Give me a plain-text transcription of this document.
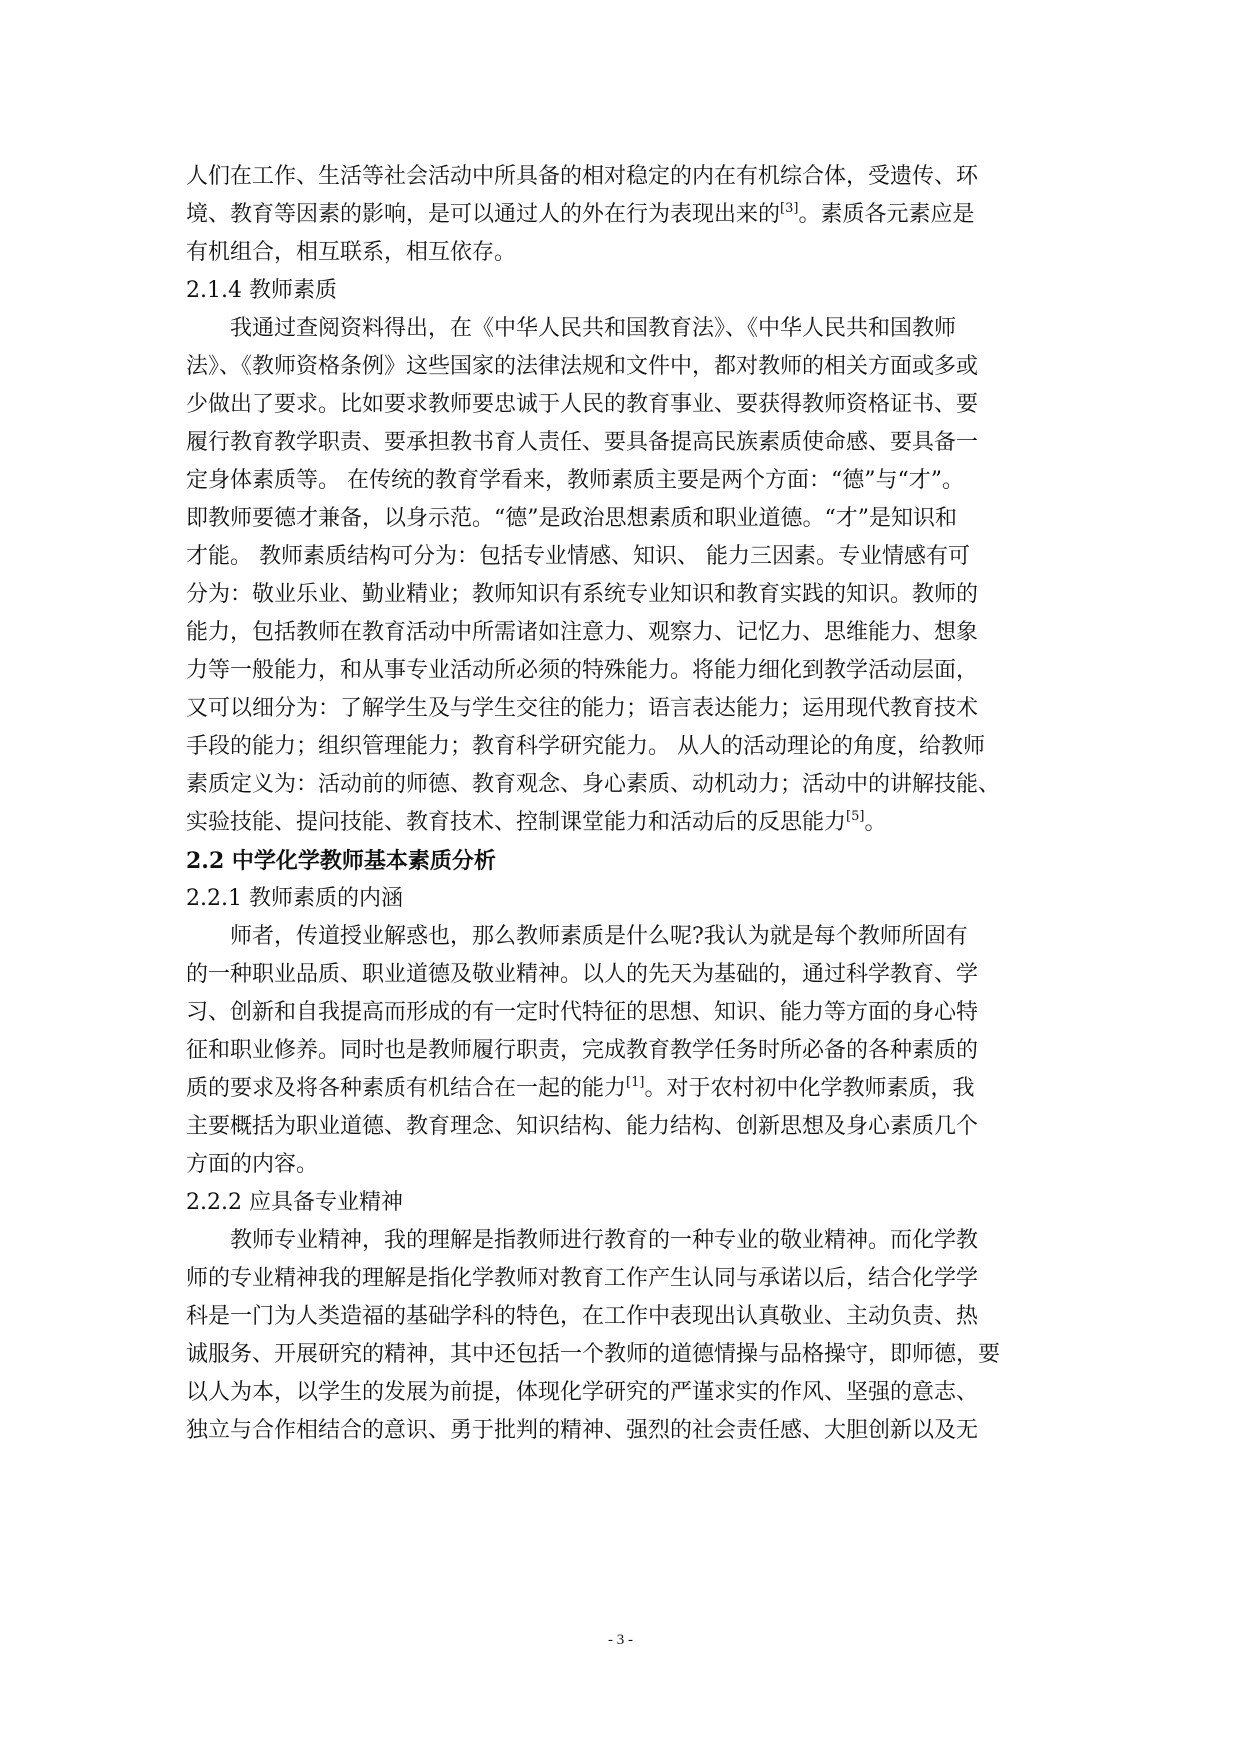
人们在工作、生活等社会活动中所具备的相对稳定的内在有机综合体，受遗传、环
境、教育等因素的影响，是可以通过人的外在行为表现出来的[3]。素质各元素应是
有机组合，相互联系，相互依存。
2.1.4 教师素质
我通过查阅资料得出，在《中华人民共和国教育法》、《中华人民共和国教师
法》、《教师资格条例》这些国家的法律法规和文件中，都对教师的相关方面或多或
少做出了要求。比如要求教师要忠诚于人民的教育事业、要获得教师资格证书、要
履行教育教学职责、要承担教书育人责任、要具备提高民族素质使命感、要具备一
定身体素质等。 在传统的教育学看来，教师素质主要是两个方面：“德”与“才”。
即教师要德才兼备，以身示范。“德”是政治思想素质和职业道德。“才”是知识和
才能。 教师素质结构可分为：包括专业情感、知识、 能力三因素。专业情感有可
分为：敬业乐业、勤业精业；教师知识有系统专业知识和教育实践的知识。教师的
能力，包括教师在教育活动中所需诸如注意力、观察力、记忆力、思维能力、想象
力等一般能力，和从事专业活动所必须的特殊能力。将能力细化到教学活动层面，
又可以细分为：了解学生及与学生交往的能力；语言表达能力；运用现代教育技术
手段的能力；组织管理能力；教育科学研究能力。 从人的活动理论的角度，给教师
素质定义为：活动前的师德、教育观念、身心素质、动机动力；活动中的讲解技能、
实验技能、提问技能、教育技术、控制课堂能力和活动后的反思能力[5]。
2.2 中学化学教师基本素质分析
2.2.1 教师素质的内涵
师者，传道授业解惑也，那么教师素质是什么呢?我认为就是每个教师所固有
的一种职业品质、职业道德及敬业精神。以人的先天为基础的，通过科学教育、学
习、创新和自我提高而形成的有一定时代特征的思想、知识、能力等方面的身心特
征和职业修养。同时也是教师履行职责，完成教育教学任务时所必备的各种素质的
质的要求及将各种素质有机结合在一起的能力[1]。对于农村初中化学教师素质，我
主要概括为职业道德、教育理念、知识结构、能力结构、创新思想及身心素质几个
方面的内容。
2.2.2 应具备专业精神
教师专业精神，我的理解是指教师进行教育的一种专业的敬业精神。而化学教
师的专业精神我的理解是指化学教师对教育工作产生认同与承诺以后，结合化学学
科是一门为人类造福的基础学科的特色，在工作中表现出认真敬业、主动负责、热
诚服务、开展研究的精神，其中还包括一个教师的道德情操与品格操守，即师德，要
以人为本，以学生的发展为前提，体现化学研究的严谨求实的作风、坚强的意志、
独立与合作相结合的意识、勇于批判的精神、强烈的社会责任感、大胆创新以及无
- 3 -
